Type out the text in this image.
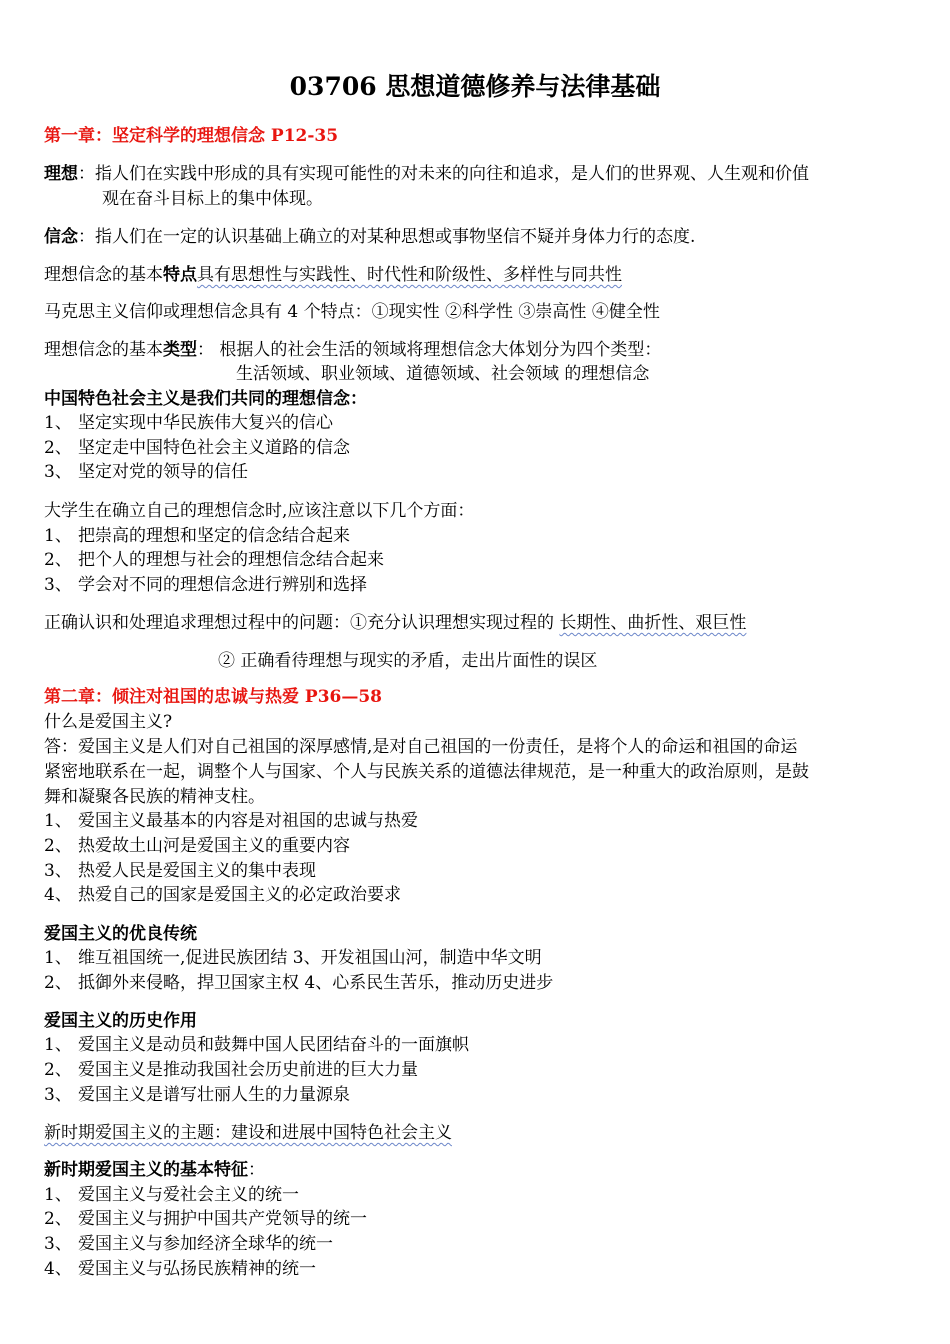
03706 思想道德修养与法律基础
第一章：坚定科学的理想信念 P12-35
理想：指人们在实践中形成的具有实现可能性的对未来的向往和追求，是人们的世界观、人生观和价值
观在奋斗目标上的集中体现。
信念：指人们在一定的认识基础上确立的对某种思想或事物坚信不疑并身体力行的态度.
理想信念的基本特点具有思想性与实践性、时代性和阶级性、多样性与同共性
马克思主义信仰或理想信念具有 4 个特点：①现实性 ②科学性 ③崇高性 ④健全性
理想信念的基本类型： 根据人的社会生活的领域将理想信念大体划分为四个类型：
生活领域、职业领域、道德领域、社会领域 的理想信念
中国特色社会主义是我们共同的理想信念：
1、 坚定实现中华民族伟大复兴的信心
2、 坚定走中国特色社会主义道路的信念
3、 坚定对党的领导的信任
大学生在确立自己的理想信念时,应该注意以下几个方面：
1、 把崇高的理想和坚定的信念结合起来
2、 把个人的理想与社会的理想信念结合起来
3、 学会对不同的理想信念进行辨别和选择
正确认识和处理追求理想过程中的问题：①充分认识理想实现过程的 长期性、曲折性、艰巨性
② 正确看待理想与现实的矛盾，走出片面性的误区
第二章：倾注对祖国的忠诚与热爱 P36—58
什么是爱国主义?
答：爱国主义是人们对自己祖国的深厚感情,是对自己祖国的一份责任，是将个人的命运和祖国的命运
紧密地联系在一起，调整个人与国家、个人与民族关系的道德法律规范，是一种重大的政治原则，是鼓
舞和凝聚各民族的精神支柱。
1、 爱国主义最基本的内容是对祖国的忠诚与热爱
2、 热爱故土山河是爱国主义的重要内容
3、 热爱人民是爱国主义的集中表现
4、 热爱自己的国家是爱国主义的必定政治要求
爱国主义的优良传统
1、 维互祖国统一,促进民族团结 3、开发祖国山河，制造中华文明
2、 抵御外来侵略，捍卫国家主权 4、心系民生苦乐，推动历史进步
爱国主义的历史作用
1、 爱国主义是动员和鼓舞中国人民团结奋斗的一面旗帜
2、 爱国主义是推动我国社会历史前进的巨大力量
3、 爱国主义是谱写壮丽人生的力量源泉
新时期爱国主义的主题：建设和进展中国特色社会主义
新时期爱国主义的基本特征：
1、 爱国主义与爱社会主义的统一
2、 爱国主义与拥护中国共产党领导的统一
3、 爱国主义与参加经济全球华的统一
4、 爱国主义与弘扬民族精神的统一
